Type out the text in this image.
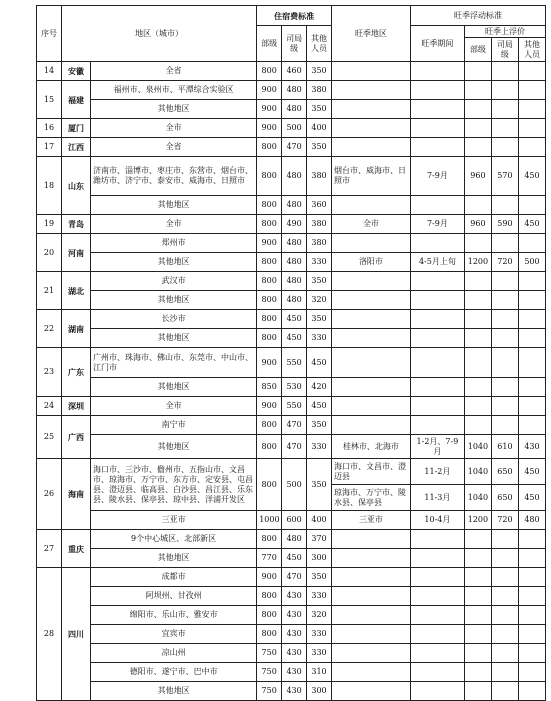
序号	地区（城市）		住宿费标准			旺季地区	旺季浮动标准			
			部级	司局级	其他人员		旺季期间	旺季上浮价		
								部级	司局级	其他人员
14	安徽	全省	800	460	350					
15	福建	福州市、泉州市、平潭综合实验区	900	480	380					
		其他地区	900	480	350					
16	厦门	全市	900	500	400					
17	江西	全省	800	470	350					
18	山东	济南市、淄博市、枣庄市、东营市、烟台市、潍坊市、济宁市、泰安市、威海市、日照市	800	480	380	烟台市、威海市、日照市	7-9月	960	570	450
		其他地区	800	480	360					
19	青岛	全市	800	490	380	全市	7-9月	960	590	450
20	河南	郑州市	900	480	380					
		其他地区	800	480	330	洛阳市	4-5月上旬	1200	720	500
21	湖北	武汉市	800	480	350					
		其他地区	800	480	320					
22	湖南	长沙市	800	450	350					
		其他地区	800	450	330					
23	广东	广州市、珠海市、佛山市、东莞市、中山市、江门市	900	550	450					
		其他地区	850	530	420					
24	深圳	全市	900	550	450					
25	广西	南宁市	800	470	350					
		其他地区	800	470	330	桂林市、北海市	1-2月、7-9月	1040	610	430
26	海南	海口市、三沙市、儋州市、五指山市、文昌市、琼海市、万宁市、东方市、定安县、屯昌县、澄迈县、临高县、白沙县、昌江县、乐东县、陵水县、保亭县、琼中县、洋浦开发区	800	500	350	海口市、文昌市、澄迈县	11-2月	1040	650	450
						琼海市、万宁市、陵水县、保亭县	11-3月	1040	650	450
		三亚市	1000	600	400	三亚市	10-4月	1200	720	480
27	重庆	9个中心城区、北部新区	800	480	370					
		其他地区	770	450	300					
28	四川	成都市	900	470	350					
		阿坝州、甘孜州	800	430	330					
		绵阳市、乐山市、雅安市	800	430	320					
		宜宾市	800	430	330					
		凉山州	750	430	330					
		德阳市、遂宁市、巴中市	750	430	310					
		其他地区	750	430	300					
